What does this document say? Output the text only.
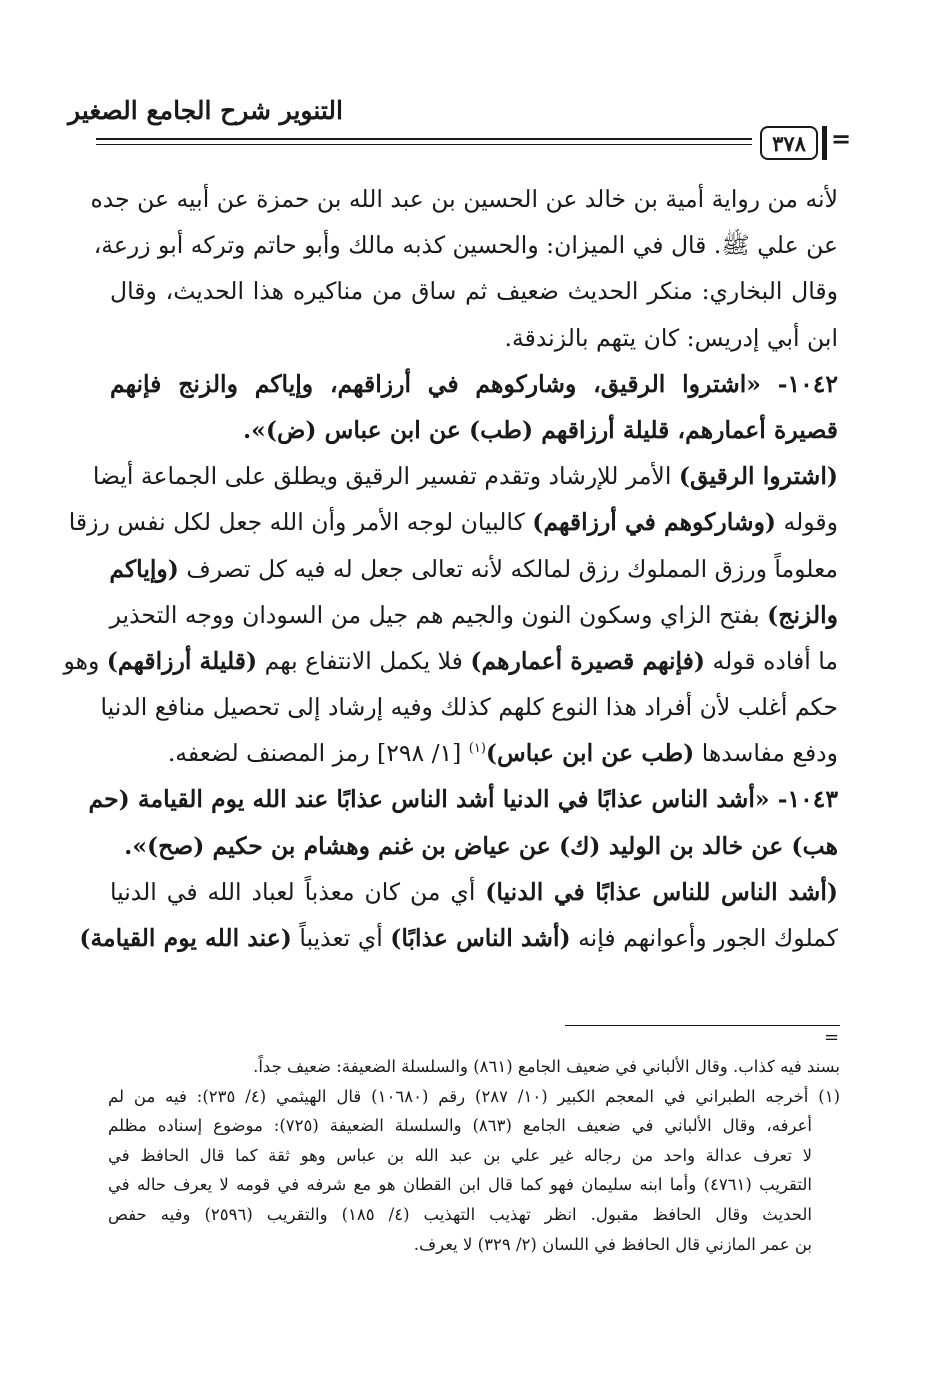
التنوير شرح الجامع الصغير
٣٧٨	=
لأنه من رواية أمية بن خالد عن الحسين بن عبد الله بن حمزة عن أبيه عن جده
عن علي ﷺ. قال في الميزان: والحسين كذبه مالك وأبو حاتم وتركه أبو زرعة،
وقال البخاري: منكر الحديث ضعيف ثم ساق من مناكيره هذا الحديث، وقال
ابن أبي إدريس: كان يتهم بالزندقة.
١٠٤٢- «اشتروا الرقيق، وشاركوهم في أرزاقهم، وإياكم والزنج فإنهم
قصيرة أعمارهم، قليلة أرزاقهم (طب) عن ابن عباس (ض)».
(اشتروا الرقيق) الأمر للإرشاد وتقدم تفسير الرقيق ويطلق على الجماعة أيضا
وقوله (وشاركوهم في أرزاقهم) كالبيان لوجه الأمر وأن الله جعل لكل نفس رزقا
معلوماً ورزق المملوك رزق لمالكه لأنه تعالى جعل له فيه كل تصرف (وإياكم
والزنج) بفتح الزاي وسكون النون والجيم هم جيل من السودان ووجه التحذير
ما أفاده قوله (فإنهم قصيرة أعمارهم) فلا يكمل الانتفاع بهم (قليلة أرزاقهم) وهو
حكم أغلب لأن أفراد هذا النوع كلهم كذلك وفيه إرشاد إلى تحصيل منافع الدنيا
ودفع مفاسدها (طب عن ابن عباس)$^{(١)}$ [١/ ٢٩٨] رمز المصنف لضعفه.
١٠٤٣- «أشد الناس عذابًا في الدنيا أشد الناس عذابًا عند الله يوم القيامة (حم
هب) عن خالد بن الوليد (ك) عن عياض بن غنم وهشام بن حكيم (صح)».
(أشد الناس للناس عذابًا في الدنيا) أي من كان معذباً لعباد الله في الدنيا
كملوك الجور وأعوانهم فإنه (أشد الناس عذابًا) أي تعذيباً (عند الله يوم القيامة)
=
بسند فيه كذاب. وقال الألباني في ضعيف الجامع (٨٦١) والسلسلة الضعيفة: ضعيف جداً.
(١) أخرجه الطبراني في المعجم الكبير (١٠/ ٢٨٧) رقم (١٠٦٨٠) قال الهيثمي (٤/ ٢٣٥): فيه من لم
أعرفه، وقال الألباني في ضعيف الجامع (٨٦٣) والسلسلة الضعيفة (٧٢٥): موضوع إسناده مظلم
لا تعرف عدالة واحد من رجاله غير علي بن عبد الله بن عباس وهو ثقة كما قال الحافظ في
التقريب (٤٧٦١) وأما ابنه سليمان فهو كما قال ابن القطان هو مع شرفه في قومه لا يعرف حاله في
الحديث وقال الحافظ مقبول. انظر تهذيب التهذيب (٤/ ١٨٥) والتقريب (٢٥٩٦) وفيه حفص
بن عمر المازني قال الحافظ في اللسان (٢/ ٣٢٩) لا يعرف.
